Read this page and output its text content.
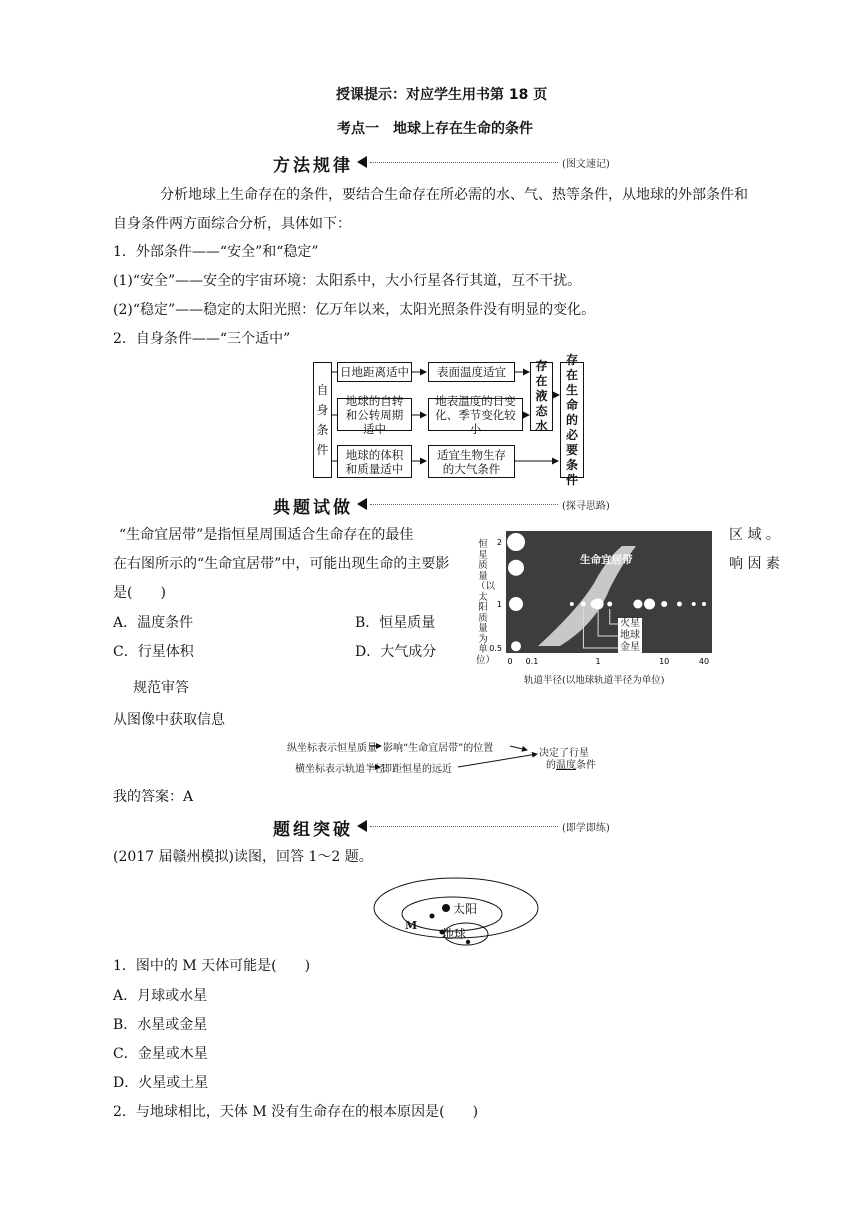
授课提示：对应学生用书第 18 页
考点一　地球上存在生命的条件
方法规律	(图文速记)
分析地球上生命存在的条件，要结合生命存在所必需的水、气、热等条件，从地球的外部条件和自身条件两方面综合分析，具体如下：
1．外部条件——“安全”和“稳定”
(1)“安全”——安全的宇宙环境：太阳系中，大小行星各行其道，互不干扰。
(2)“稳定”——稳定的太阳光照：亿万年以来，太阳光照条件没有明显的变化。
2．自身条件——“三个适中”
自身条件
日地距离适中	表面温度适宜
地球的自转和公转周期适中
地表温度的日变化、季节变化较小
地球的体积和质量适中
适宜生物生存的大气条件
存在液态水
存在生命的必要条件
典题试做	(探寻思路)
“生命宜居带”是指恒星周围适合生命存在的最佳	区 域 。
在右图所示的“生命宜居带”中，可能出现生命的主要影	响 因 素
是(　　)
A．温度条件	B．恒星质量
C．行星体积	D．大气成分
2
1
0.5
0 0.1	1	10	40
恒星质量（以太阳质量为单位）
生命宜居带
火星
地球
金星
轨道半径(以地球轨道半径为单位)
规范审答
从图像中获取信息
纵坐标表示恒星质量 影响“生命宜居带”的位置
横坐标表示轨道半径
即距恒星的远近
决定了行星
的温度条件
我的答案：A
题组突破	(即学即练)
(2017 届赣州模拟)读图，回答 1～2 题。
太阳
M
地球
1．图中的 M 天体可能是(　　)
A．月球或水星
B．水星或金星
C．金星或木星
D．火星或土星
2．与地球相比，天体 M 没有生命存在的根本原因是(　　)
